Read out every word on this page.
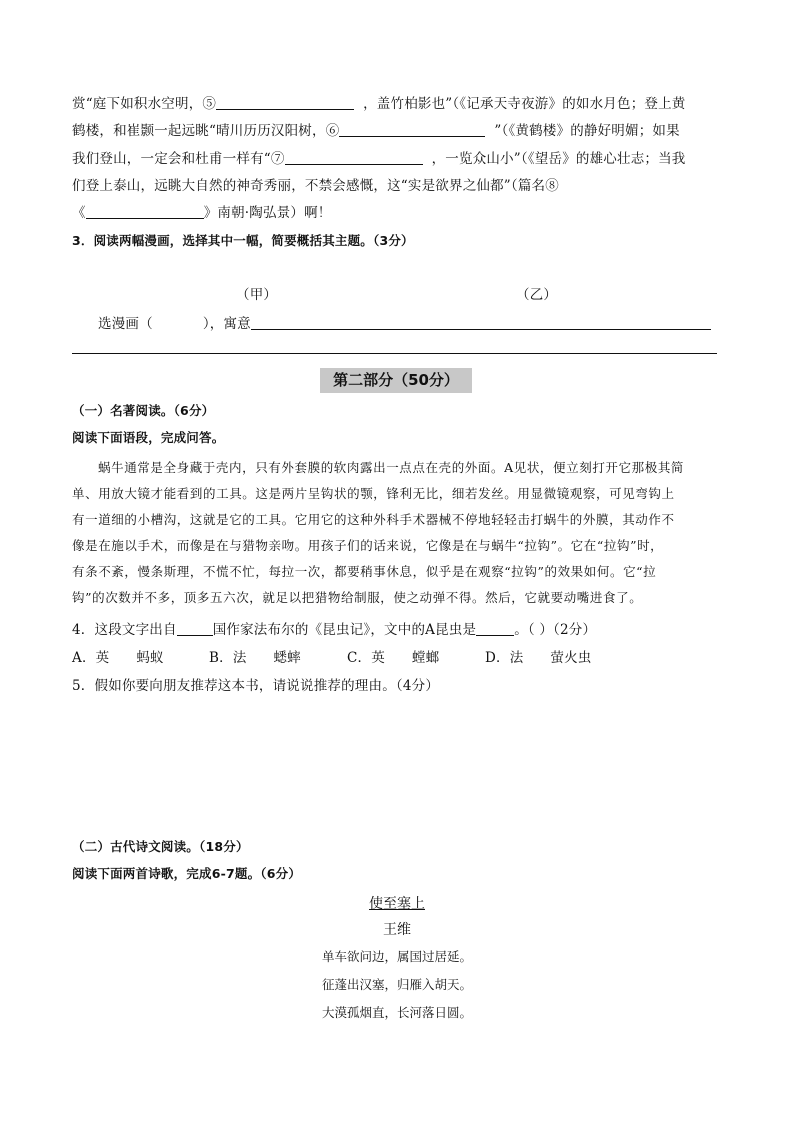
赏“庭下如积水空明，⑤	，盖竹柏影也”（《记承天寺夜游》的如水月色；登上黄
鹤楼，和崔颢一起远眺“晴川历历汉阳树，⑥	”（《黄鹤楼》的静好明媚；如果
我们登山，一定会和杜甫一样有“⑦	，一览众山小”（《望岳》的雄心壮志；当我
们登上泰山，远眺大自然的神奇秀丽，不禁会感慨，这“实是欲界之仙都”（篇名⑧
《	》南朝·陶弘景）啊！
3．阅读两幅漫画，选择其中一幅，简要概括其主题。（3分）
（甲）	（乙）
选漫画（	），寓意
第二部分（50分）
（一）名著阅读。（6分）
阅读下面语段，完成问答。
蜗牛通常是全身藏于壳内，只有外套膜的软肉露出一点点在壳的外面。A见状，便立刻打开它那极其简
单、用放大镜才能看到的工具。这是两片呈钩状的颚，锋利无比，细若发丝。用显微镜观察，可见弯钩上
有一道细的小槽沟，这就是它的工具。它用它的这种外科手术器械不停地轻轻击打蜗牛的外膜，其动作不
像是在施以手术，而像是在与猎物亲吻。用孩子们的话来说，它像是在与蜗牛“拉钩”。它在“拉钩”时，
有条不紊，慢条斯理，不慌不忙，每拉一次，都要稍事休息，似乎是在观察“拉钩”的效果如何。它“拉
钩”的次数并不多，顶多五六次，就足以把猎物给制服，使之动弹不得。然后，它就要动嘴进食了。
4．这段文字出自	国作家法布尔的《昆虫记》，文中的A昆虫是	。（ ）（2分）
A．英 蚂蚁	B．法 蟋蟀	C．英 螳螂	D．法 萤火虫
5．假如你要向朋友推荐这本书，请说说推荐的理由。（4分）
（二）古代诗文阅读。（18分）
阅读下面两首诗歌，完成6-7题。（6分）
使至塞上
王维
单车欲问边，属国过居延。
征蓬出汉塞，归雁入胡天。
大漠孤烟直，长河落日圆。
